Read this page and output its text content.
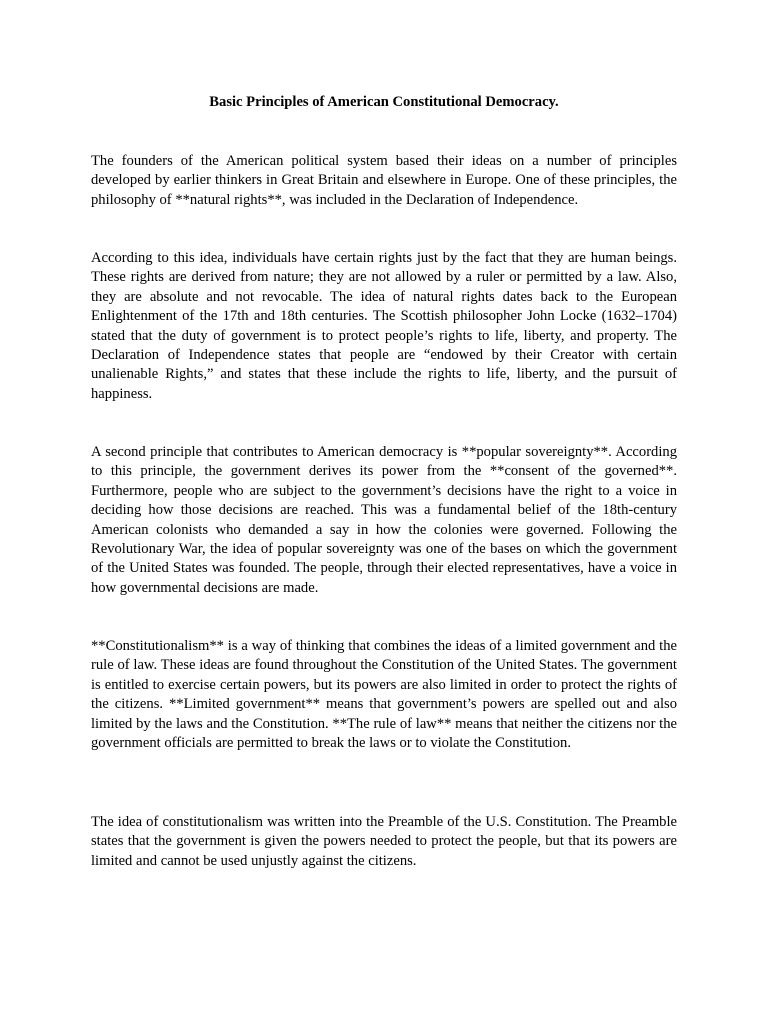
Basic Principles of American Constitutional Democracy.

The founders of the American political system based their ideas on a number of principles developed by earlier thinkers in Great Britain and elsewhere in Europe. One of these principles, the philosophy of **natural rights**, was included in the Declaration of Independence.

According to this idea, individuals have certain rights just by the fact that they are human beings. These rights are derived from nature; they are not allowed by a ruler or permitted by a law. Also, they are absolute and not revocable. The idea of natural rights dates back to the European Enlightenment of the 17th and 18th centuries. The Scottish philosopher John Locke (1632–1704) stated that the duty of government is to protect people’s rights to life, liberty, and property. The Declaration of Independence states that people are “endowed by their Creator with certain unalienable Rights,” and states that these include the rights to life, liberty, and the pursuit of happiness.

A second principle that contributes to American democracy is **popular sovereignty**. According to this principle, the government derives its power from the **consent of the governed**. Furthermore, people who are subject to the government’s decisions have the right to a voice in deciding how those decisions are reached. This was a fundamental belief of the 18th-century American colonists who demanded a say in how the colonies were governed. Following the Revolutionary War, the idea of popular sovereignty was one of the bases on which the government of the United States was founded. The people, through their elected representatives, have a voice in how governmental decisions are made.

**Constitutionalism** is a way of thinking that combines the ideas of a limited government and the rule of law. These ideas are found throughout the Constitution of the United States. The government is entitled to exercise certain powers, but its powers are also limited in order to protect the rights of the citizens. **Limited government** means that government’s powers are spelled out and also limited by the laws and the Constitution. **The rule of law** means that neither the citizens nor the government officials are permitted to break the laws or to violate the Constitution.

The idea of constitutionalism was written into the Preamble of the U.S. Constitution. The Preamble states that the government is given the powers needed to protect the people, but that its powers are limited and cannot be used unjustly against the citizens.
